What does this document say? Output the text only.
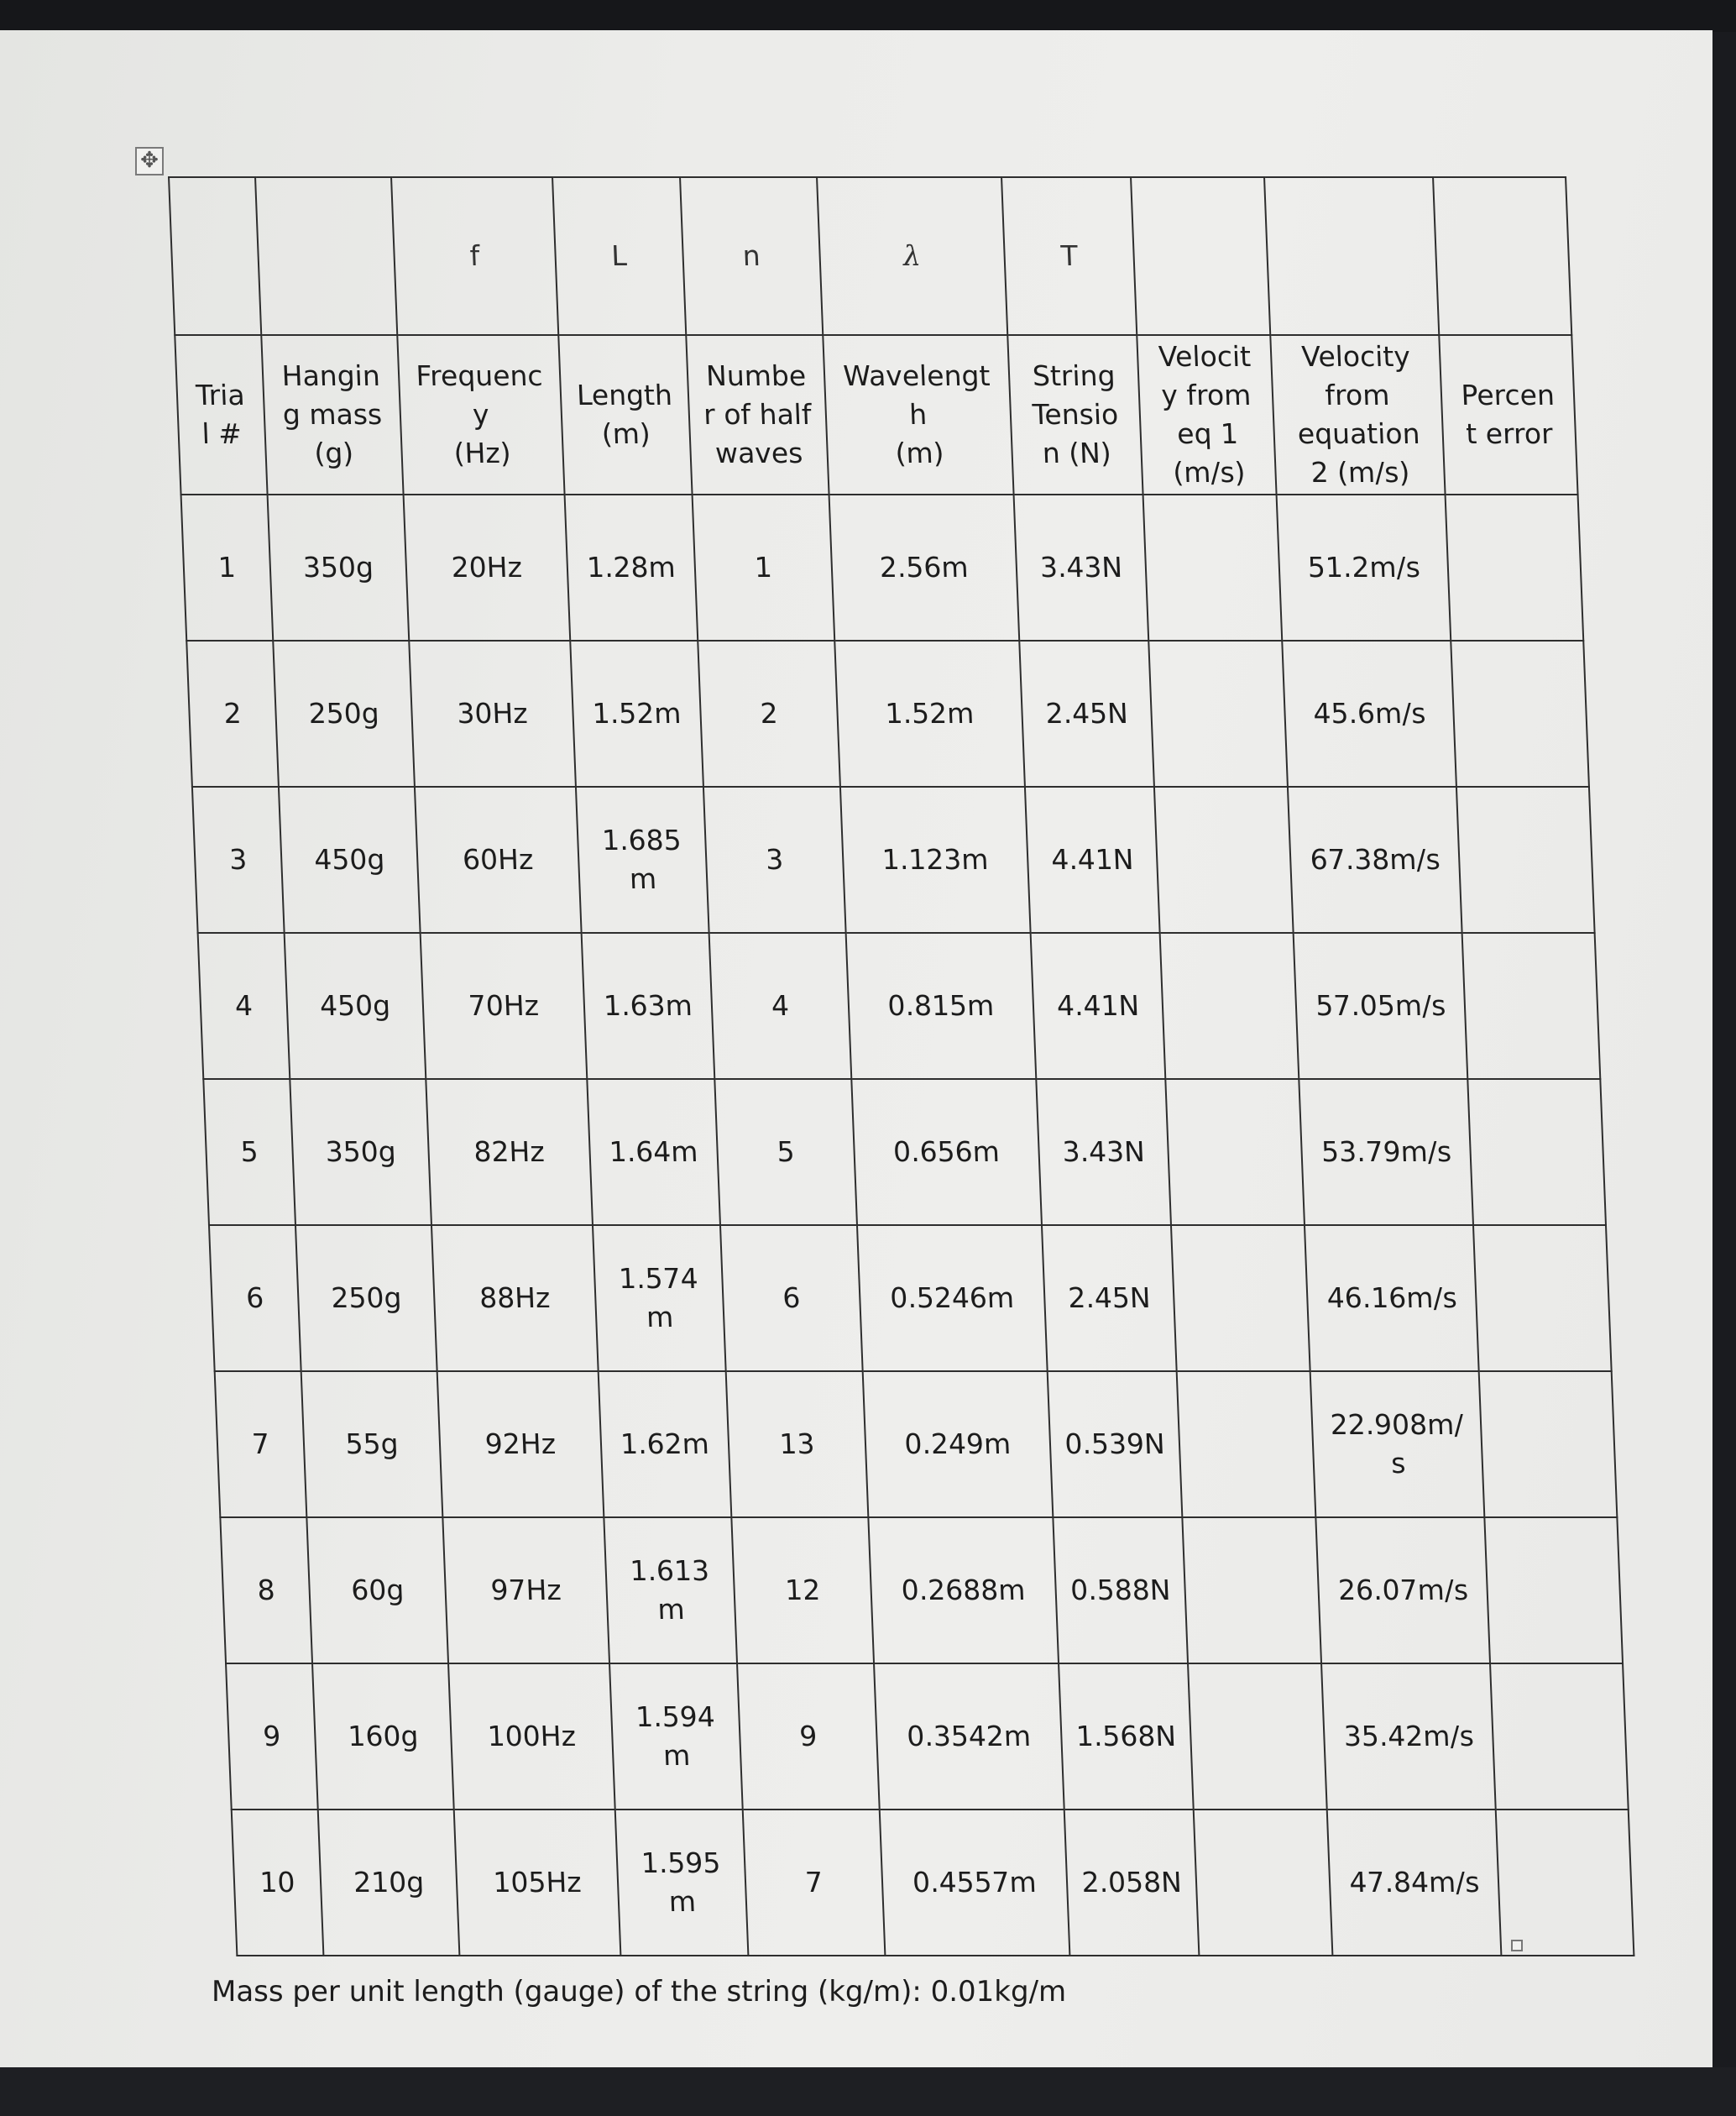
✥

		f	L	n	λ	T			

Tria
l #	Hangin
g mass
(g)	Frequenc
y
(Hz)	Length
(m)	Numbe
r of half
waves	Wavelengt
h
(m)	String
Tensio
n (N)	Velocit
y from
eq 1
(m/s)	Velocity
from
equation
2 (m/s)	Percen
t error

1	350g	20Hz	1.28m	1	2.56m	3.43N		51.2m/s	

2	250g	30Hz	1.52m	2	1.52m	2.45N		45.6m/s	

3	450g	60Hz	1.685
m	3	1.123m	4.41N		67.38m/s	

4	450g	70Hz	1.63m	4	0.815m	4.41N		57.05m/s	

5	350g	82Hz	1.64m	5	0.656m	3.43N		53.79m/s	

6	250g	88Hz	1.574
m	6	0.5246m	2.45N		46.16m/s	

7	55g	92Hz	1.62m	13	0.249m	0.539N		22.908m/
s	

8	60g	97Hz	1.613
m	12	0.2688m	0.588N		26.07m/s	

9	160g	100Hz	1.594
m	9	0.3542m	1.568N		35.42m/s	

10	210g	105Hz	1.595
m	7	0.4557m	2.058N		47.84m/s	

Mass per unit length (gauge) of the string (kg/m): 0.01kg/m
